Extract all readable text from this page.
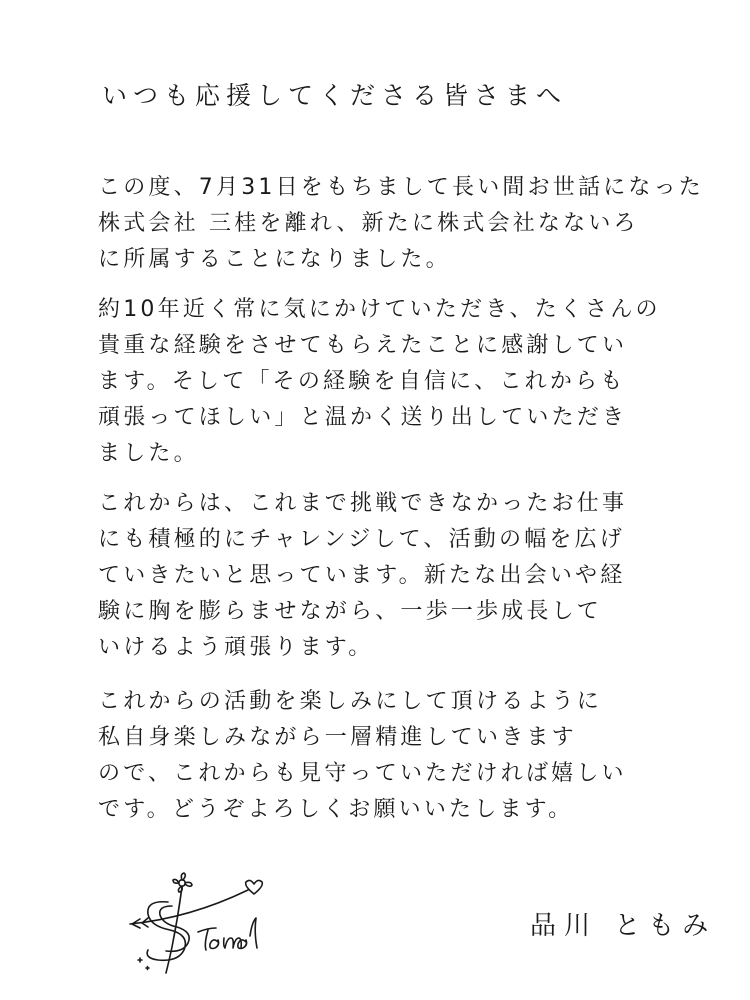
いつも応援してくださる皆さまへ
この度、7月31日をもちまして長い間お世話になった
株式会社 三桂を離れ、新たに株式会社なないろ
に所属することになりました。
約10年近く常に気にかけていただき、たくさんの
貴重な経験をさせてもらえたことに感謝してい
ます。そして「その経験を自信に、これからも
頑張ってほしい」と温かく送り出していただき
ました。
これからは、これまで挑戦できなかったお仕事
にも積極的にチャレンジして、活動の幅を広げ
ていきたいと思っています。新たな出会いや経
験に胸を膨らませながら、一歩一歩成長して
いけるよう頑張ります。
これからの活動を楽しみにして頂けるように
私自身楽しみながら一層精進していきます
ので、これからも見守っていただければ嬉しい
です。どうぞよろしくお願いいたします。
品川 ともみ
